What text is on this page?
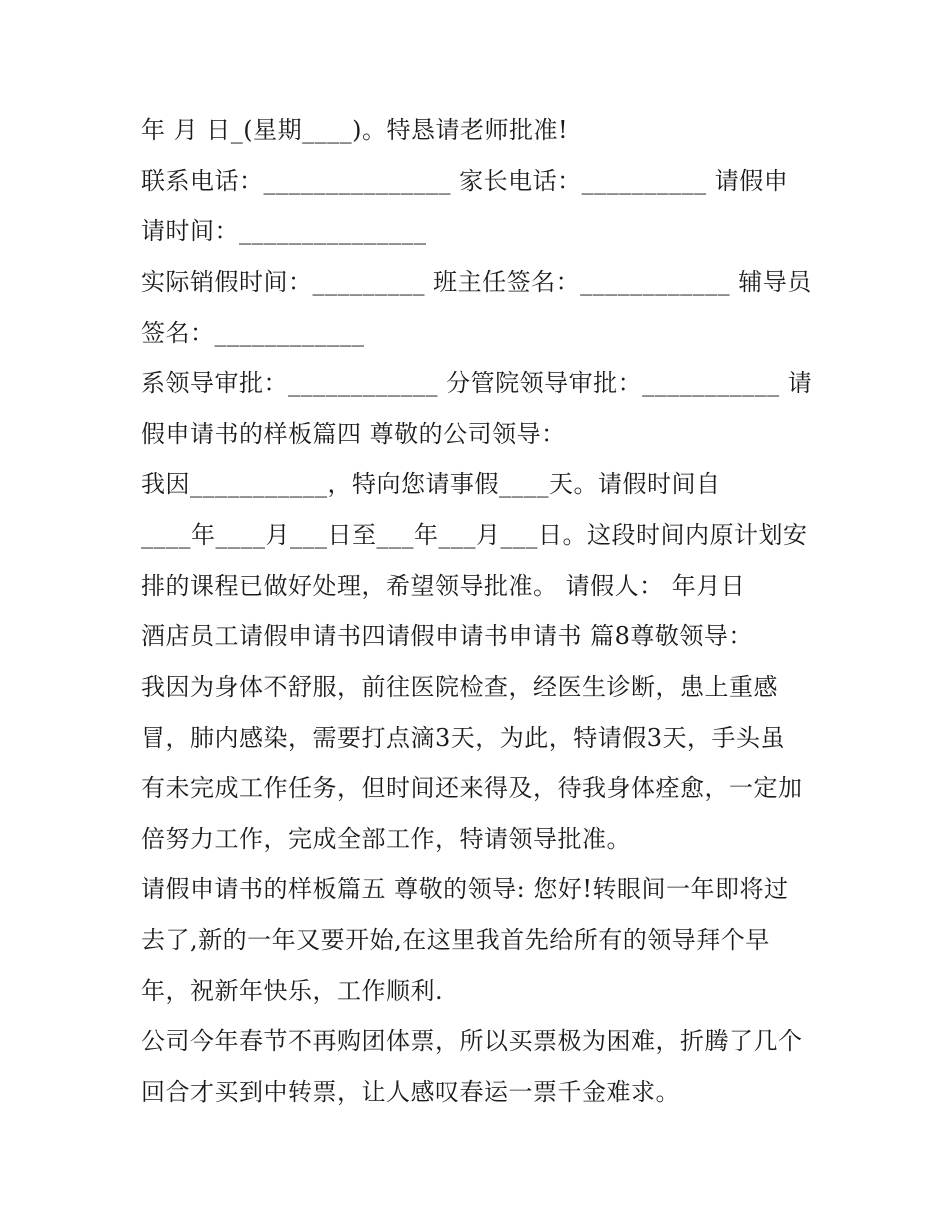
年 月 日_(星期____)。特恳请老师批准!
联系电话：_______________ 家长电话：__________ 请假申
请时间：_______________
实际销假时间：_________ 班主任签名：____________ 辅导员
签名：____________
系领导审批：____________ 分管院领导审批：___________ 请
假申请书的样板篇四 尊敬的公司领导：
我因___________，特向您请事假____天。请假时间自
____年____月___日至___年___月___日。这段时间内原计划安
排的课程已做好处理，希望领导批准。 请假人： 年月日
酒店员工请假申请书四请假申请书申请书 篇8尊敬领导：
我因为身体不舒服，前往医院检查，经医生诊断，患上重感
冒，肺内感染，需要打点滴3天，为此，特请假3天，手头虽
有未完成工作任务，但时间还来得及，待我身体痊愈，一定加
倍努力工作，完成全部工作，特请领导批准。
请假申请书的样板篇五 尊敬的领导: 您好!转眼间一年即将过
去了,新的一年又要开始,在这里我首先给所有的领导拜个早
年，祝新年快乐，工作顺利.
公司今年春节不再购团体票，所以买票极为困难，折腾了几个
回合才买到中转票，让人感叹春运一票千金难求。
